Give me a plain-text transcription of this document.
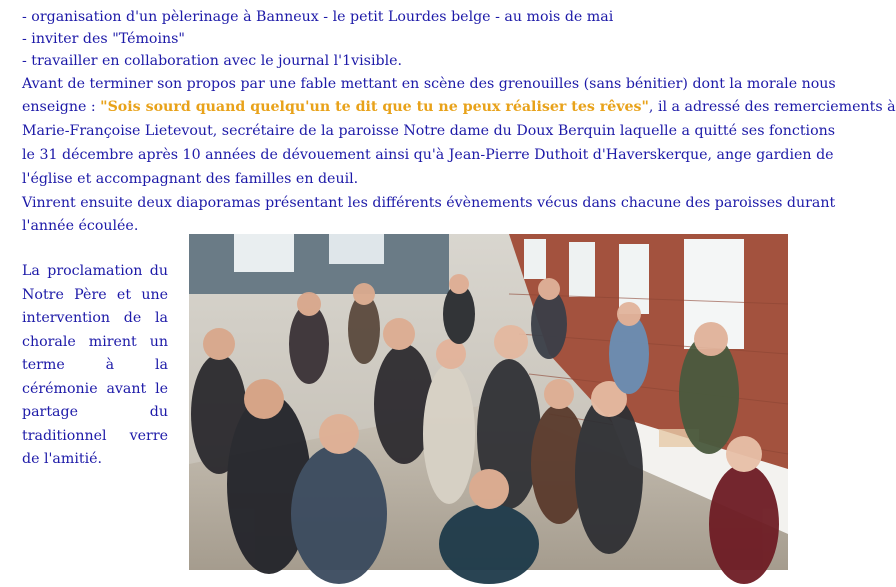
- organisation d'un pèlerinage à Banneux - le petit Lourdes belge - au mois de mai
- inviter des "Témoins"
- travailler en collaboration avec le journal l'1visible.
Avant de terminer son propos par une fable mettant en scène des grenouilles (sans bénitier) dont la morale nous
enseigne : "Sois sourd quand quelqu'un te dit que tu ne peux réaliser tes rêves", il a adressé des remerciements à
Marie-Françoise Lietevout, secrétaire de la paroisse Notre dame du Doux Berquin laquelle a quitté ses fonctions
le 31 décembre après 10 années de dévouement ainsi qu'à Jean-Pierre Duthoit d'Haverskerque, ange gardien de
l'église et accompagnant des familles en deuil.
Vinrent ensuite deux diaporamas présentant les différents évènements vécus dans chacune des paroisses durant
l'année écoulée.
La proclamation du Notre Père et une intervention de la chorale mirent un terme à la cérémonie avant le partage du traditionnel verre de l'amitié.
